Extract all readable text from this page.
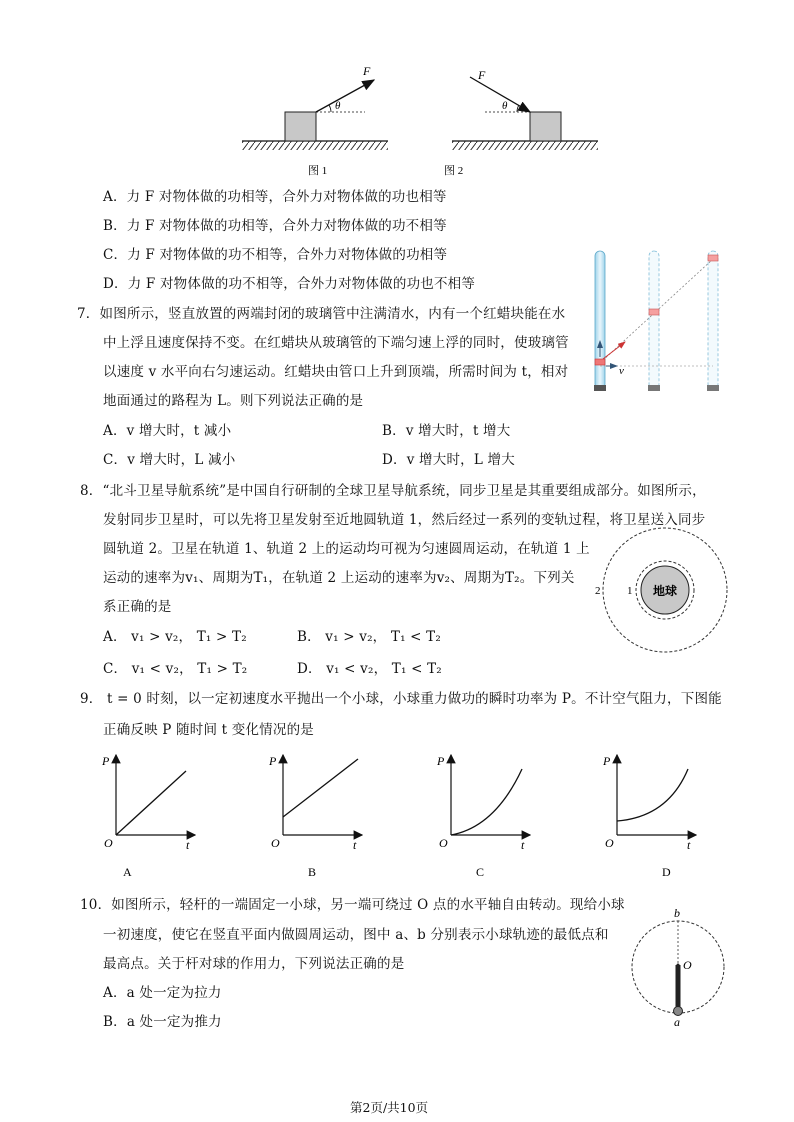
F
θ
图 1
F
θ
图 2
A．力 F 对物体做的功相等，合外力对物体做的功也相等
B．力 F 对物体做的功相等，合外力对物体做的功不相等
C．力 F 对物体做的功不相等，合外力对物体做的功相等
D．力 F 对物体做的功不相等，合外力对物体做的功也不相等
v
7．如图所示，竖直放置的两端封闭的玻璃管中注满清水，内有一个红蜡块能在水
中上浮且速度保持不变。在红蜡块从玻璃管的下端匀速上浮的同时，使玻璃管
以速度 v 水平向右匀速运动。红蜡块由管口上升到顶端，所需时间为 t，相对
地面通过的路程为 L。则下列说法正确的是
A．v 增大时，t 减小	B．v 增大时，t 增大
C．v 增大时，L 减小	D．v 增大时，L 增大
8．“北斗卫星导航系统”是中国自行研制的全球卫星导航系统，同步卫星是其重要组成部分。如图所示，
发射同步卫星时，可以先将卫星发射至近地圆轨道 1，然后经过一系列的变轨过程，将卫星送入同步
圆轨道 2。卫星在轨道 1、轨道 2 上的运动均可视为匀速圆周运动，在轨道 1 上
运动的速率为v₁、周期为T₁，在轨道 2 上运动的速率为v₂、周期为T₂。下列关
系正确的是
A． v₁ > v₂， T₁ > T₂	B． v₁ > v₂， T₁ < T₂
C． v₁ < v₂， T₁ > T₂	D． v₁ < v₂， T₁ < T₂
地球
1
2
9． t = 0 时刻，以一定初速度水平抛出一个小球，小球重力做功的瞬时功率为 P。不计空气阻力，下图能
正确反映 P 随时间 t 变化情况的是
P
O	t
A
P
O	t
B
P
O	t
C
P
O	t
D
10．如图所示，轻杆的一端固定一小球，另一端可绕过 O 点的水平轴自由转动。现给小球
一初速度，使它在竖直平面内做圆周运动，图中 a、b 分别表示小球轨迹的最低点和
最高点。关于杆对球的作用力，下列说法正确的是
A．a 处一定为拉力
B．a 处一定为推力
O
b
a
第2页/共10页
